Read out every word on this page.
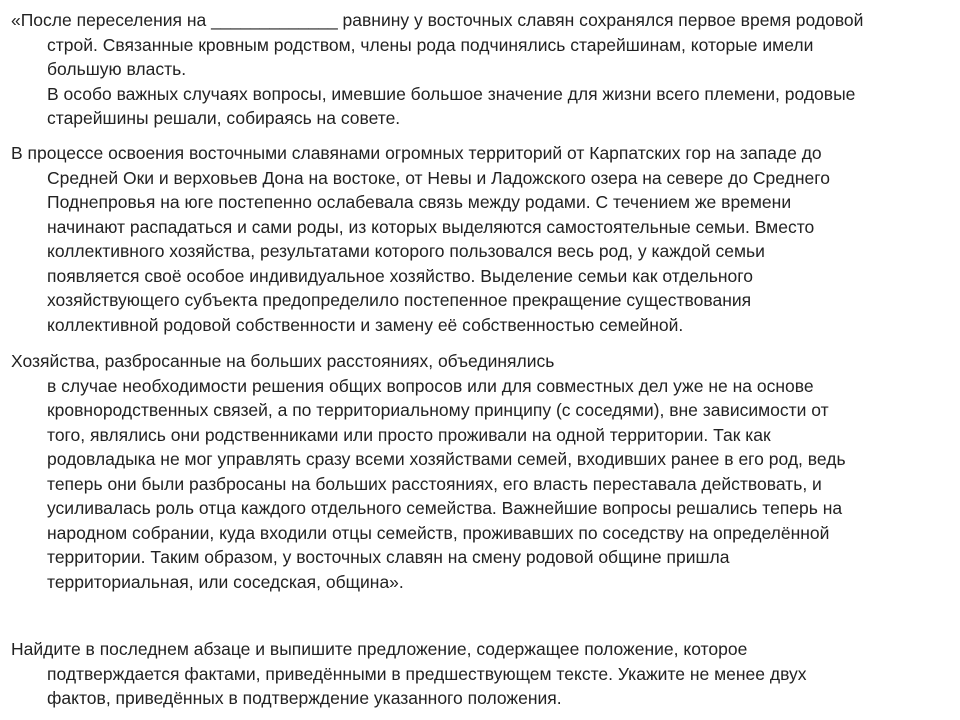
«После переселения на _____________ равнину у восточных славян сохранялся первое время родовой
строй. Связанные кровным родством, члены рода подчинялись старейшинам, которые имели
большую власть.
В особо важных случаях вопросы, имевшие большое значение для жизни всего племени, родовые
старейшины решали, собираясь на совете.
В процессе освоения восточными славянами огромных территорий от Карпатских гор на западе до
Средней Оки и верховьев Дона на востоке, от Невы и Ладожского озера на севере до Среднего
Поднепровья на юге постепенно ослабевала связь между родами. С течением же времени
начинают распадаться и сами роды, из которых выделяются самостоятельные семьи. Вместо
коллективного хозяйства, результатами которого пользовался весь род, у каждой семьи
появляется своё особое индивидуальное хозяйство. Выделение семьи как отдельного
хозяйствующего субъекта предопределило постепенное прекращение существования
коллективной родовой собственности и замену её собственностью семейной.
Хозяйства, разбросанные на больших расстояниях, объединялись
в случае необходимости решения общих вопросов или для совместных дел уже не на основе
кровнородственных связей, а по территориальному принципу (с соседями), вне зависимости от
того, являлись они родственниками или просто проживали на одной территории. Так как
родовладыка не мог управлять сразу всеми хозяйствами семей, входивших ранее в его род, ведь
теперь они были разбросаны на больших расстояниях, его власть переставала действовать, и
усиливалась роль отца каждого отдельного семейства. Важнейшие вопросы решались теперь на
народном собрании, куда входили отцы семейств, проживавших по соседству на определённой
территории. Таким образом, у восточных славян на смену родовой общине пришла
территориальная, или соседская, община».
Найдите в последнем абзаце и выпишите предложение, содержащее положение, которое
подтверждается фактами, приведёнными в предшествующем тексте. Укажите не менее двух
фактов, приведённых в подтверждение указанного положения.
